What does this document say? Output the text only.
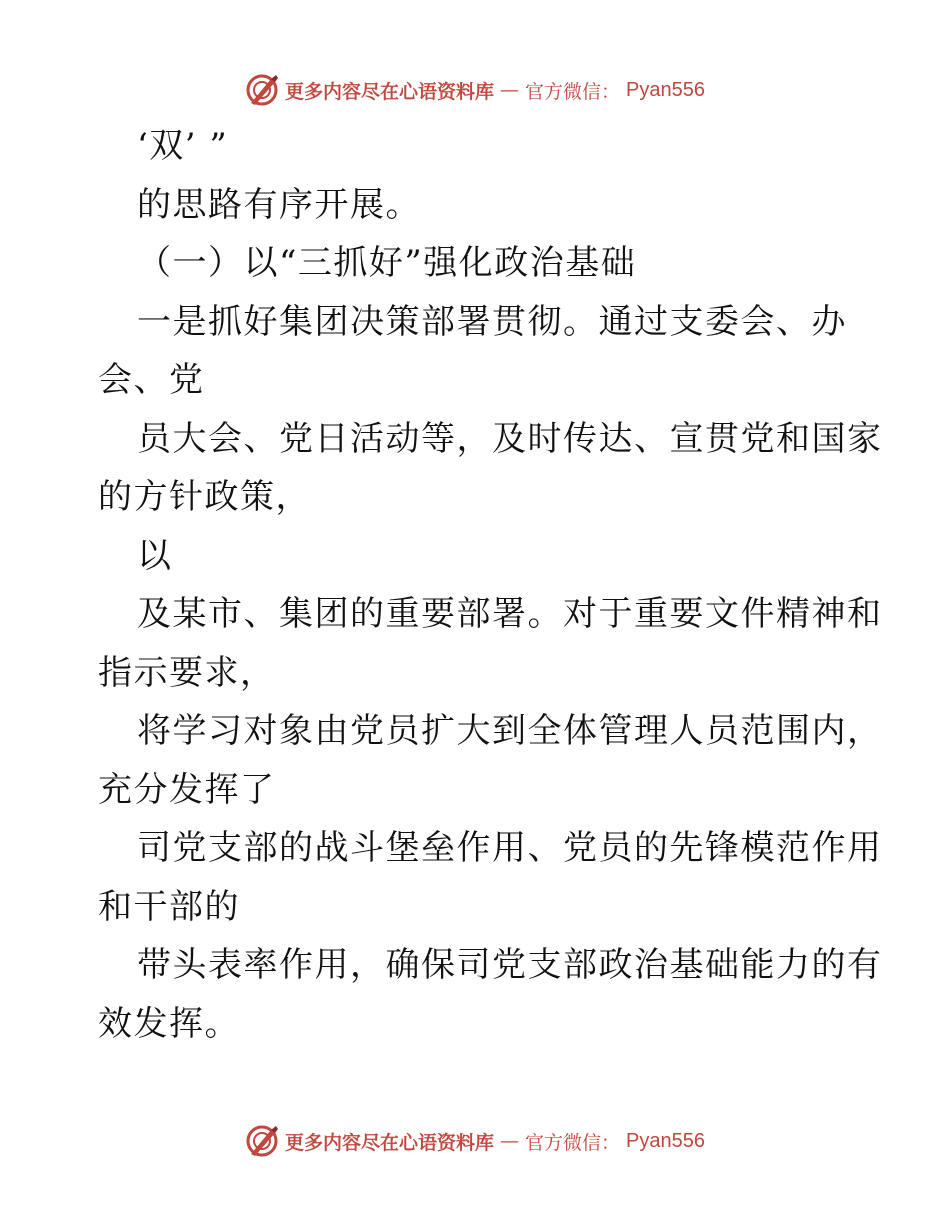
更多内容尽在心语资料库 — 官方微信： Pyan556
‘双’ ”
的思路有序开展。
（一）以“三抓好”强化政治基础
一是抓好集团决策部署贯彻。通过支委会、办
会、党
员大会、党日活动等，及时传达、宣贯党和国家
的方针政策，
以
及某市、集团的重要部署。对于重要文件精神和
指示要求，
将学习对象由党员扩大到全体管理人员范围内，
充分发挥了
司党支部的战斗堡垒作用、党员的先锋模范作用
和干部的
带头表率作用，确保司党支部政治基础能力的有
效发挥。
更多内容尽在心语资料库 — 官方微信： Pyan556
